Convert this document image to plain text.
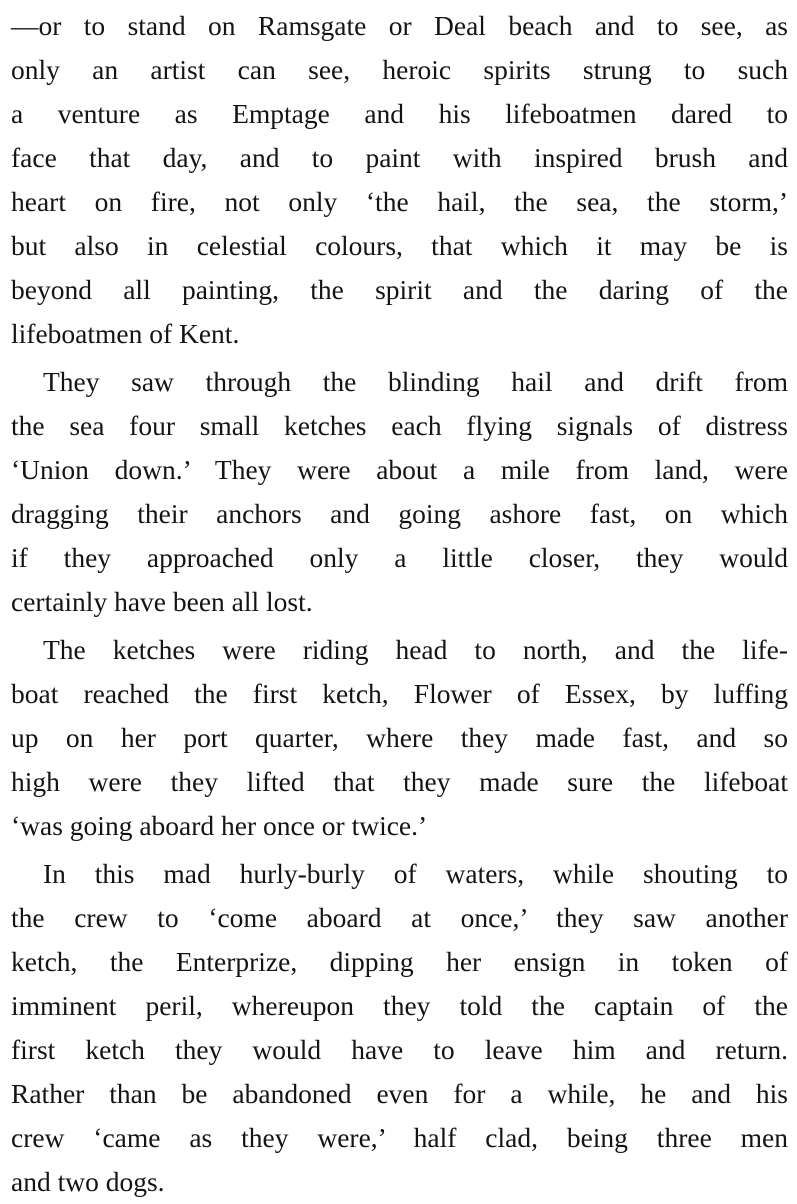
—or to stand on Ramsgate or Deal beach and to see, as
only an artist can see, heroic spirits strung to such
a venture as Emptage and his lifeboatmen dared to
face that day, and to paint with inspired brush and
heart on fire, not only ‘the hail, the sea, the storm,’
but also in celestial colours, that which it may be is
beyond all painting, the spirit and the daring of the
lifeboatmen of Kent.
They saw through the blinding hail and drift from
the sea four small ketches each flying signals of distress
‘Union down.’ They were about a mile from land, were
dragging their anchors and going ashore fast, on which
if they approached only a little closer, they would
certainly have been all lost.
The ketches were riding head to north, and the life-
boat reached the first ketch, Flower of Essex, by luffing
up on her port quarter, where they made fast, and so
high were they lifted that they made sure the lifeboat
‘was going aboard her once or twice.’
In this mad hurly-burly of waters, while shouting to
the crew to ‘come aboard at once,’ they saw another
ketch, the Enterprize, dipping her ensign in token of
imminent peril, whereupon they told the captain of the
first ketch they would have to leave him and return.
Rather than be abandoned even for a while, he and his
crew ‘came as they were,’ half clad, being three men
and two dogs.
